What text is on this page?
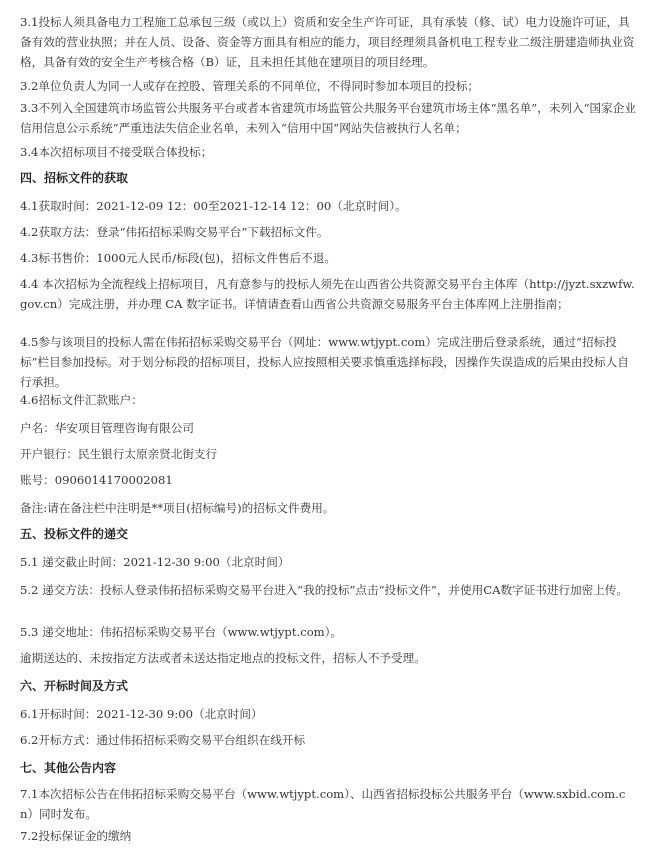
3.1投标人须具备电力工程施工总承包三级（或以上）资质和安全生产许可证，具有承装（修、试）电力设施许可证，具备有效的营业执照；并在人员、设备、资金等方面具有相应的能力，项目经理须具备机电工程专业二级注册建造师执业资格，具备有效的安全生产考核合格（B）证，且未担任其他在建项目的项目经理。

3.2单位负责人为同一人或存在控股、管理关系的不同单位，不得同时参加本项目的投标；

3.3不列入全国建筑市场监管公共服务平台或者本省建筑市场监管公共服务平台建筑市场主体“黑名单”，未列入“国家企业信用信息公示系统”严重违法失信企业名单，未列入“信用中国”网站失信被执行人名单；

3.4本次招标项目不接受联合体投标；

四、招标文件的获取

4.1获取时间：2021-12-09 12：00至2021-12-14 12：00（北京时间）。

4.2获取方法：登录“伟拓招标采购交易平台”下载招标文件。

4.3标书售价：1000元人民币/标段(包)，招标文件售后不退。

4.4 本次招标为全流程线上招标项目，凡有意参与的投标人须先在山西省公共资源交易平台主体库（http://jyzt.sxzwfw.gov.cn）完成注册，并办理 CA 数字证书。详情请查看山西省公共资源交易服务平台主体库网上注册指南；

4.5参与该项目的投标人需在伟拓招标采购交易平台（网址：www.wtjypt.com）完成注册后登录系统，通过“招标投标”栏目参加投标。对于划分标段的招标项目，投标人应按照相关要求慎重选择标段，因操作失误造成的后果由投标人自行承担。

4.6招标文件汇款账户：

户名：华安项目管理咨询有限公司

开户银行：民生银行太原亲贤北街支行

账号：0906014170002081

备注:请在备注栏中注明是**项目(招标编号)的招标文件费用。

五、投标文件的递交

5.1 递交截止时间：2021-12-30 9:00（北京时间）

5.2 递交方法：投标人登录伟拓招标采购交易平台进入“我的投标”点击“投标文件”，并使用CA数字证书进行加密上传。

5.3 递交地址：伟拓招标采购交易平台（www.wtjypt.com）。

逾期送达的、未按指定方法或者未送达指定地点的投标文件，招标人不予受理。

六、开标时间及方式

6.1开标时间：2021-12-30 9:00（北京时间）

6.2开标方式：通过伟拓招标采购交易平台组织在线开标

七、其他公告内容

7.1本次招标公告在伟拓招标采购交易平台（www.wtjypt.com）、山西省招标投标公共服务平台（www.sxbid.com.cn）同时发布。

7.2投标保证金的缴纳
